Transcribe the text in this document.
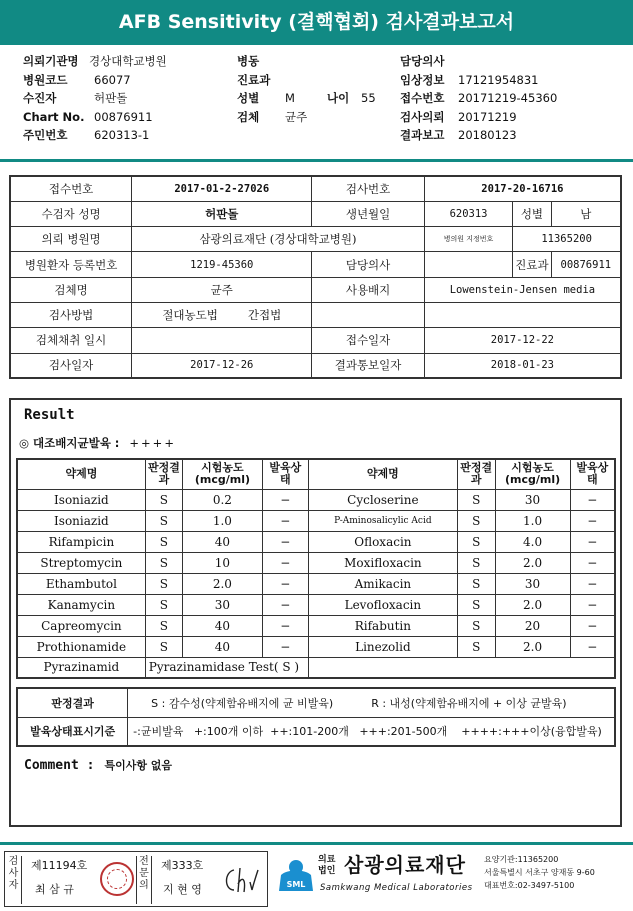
AFB Sensitivity (결핵협회) 검사결과보고서
의뢰기관명 경상대학교병원
병원코드	66077
수진자	허판돌
Chart No. 00876911
주민번호	620313-1
병동
진료과
성별	M	나이	55
검체	균주
담당의사
임상정보	17121954831
접수번호	20171219-45360
검사의뢰	20171219
결과보고	20180123
접수번호	2017-01-2-27026	검사번호	2017-20-16716		
수검자 성명	허판돌	생년월일	620313	성별	남
의뢰 병원명	삼광의료재단 (경상대학교병원)		병의원 지정번호	11365200	
병원환자 등록번호	1219-45360	담당의사		진료과	00876911
검체명	균주	사용배지	Lowenstein-Jensen media		
검사방법	절대농도법 간접법				
검체채취 일시		접수일자	2017-12-22		
검사일자	2017-12-26	결과통보일자	2018-01-23		
Result
◎ 대조배지균발육 : ++++
약제명	판정결과	시험농도(mcg/ml)	발육상태	약제명	판정결과	시험농도(mcg/ml)	발육상태
Isoniazid	S	0.2	−	Cycloserine	S	30	−
Isoniazid	S	1.0	−	P-Aminosalicylic Acid	S	1.0	−
Rifampicin	S	40	−	Ofloxacin	S	4.0	−
Streptomycin	S	10	−	Moxifloxacin	S	2.0	−
Ethambutol	S	2.0	−	Amikacin	S	30	−
Kanamycin	S	30	−	Levofloxacin	S	2.0	−
Capreomycin	S	40	−	Rifabutin	S	20	−
Prothionamide	S	40	−	Linezolid	S	2.0	−
Pyrazinamid	Pyrazinamidase Test( S )						
판정결과	S : 감수성(약제함유배지에 균 비발육) R : 내성(약제함유배지에 + 이상 균발육)
발육상태표시기준	-:균비발육   +:100개 이하  ++:101-200개   +++:201-500개    ++++:+++이상(융합발육)
Comment : 특이사항 없음
검사자
제11194호
최 삼 규
전문의
제333호
지 현 영	SML
의료법인 삼광의료재단
Samkwang Medical Laboratories
요양기관:11365200
서울특별시 서초구 양재동 9-60
대표번호:02-3497-5100
